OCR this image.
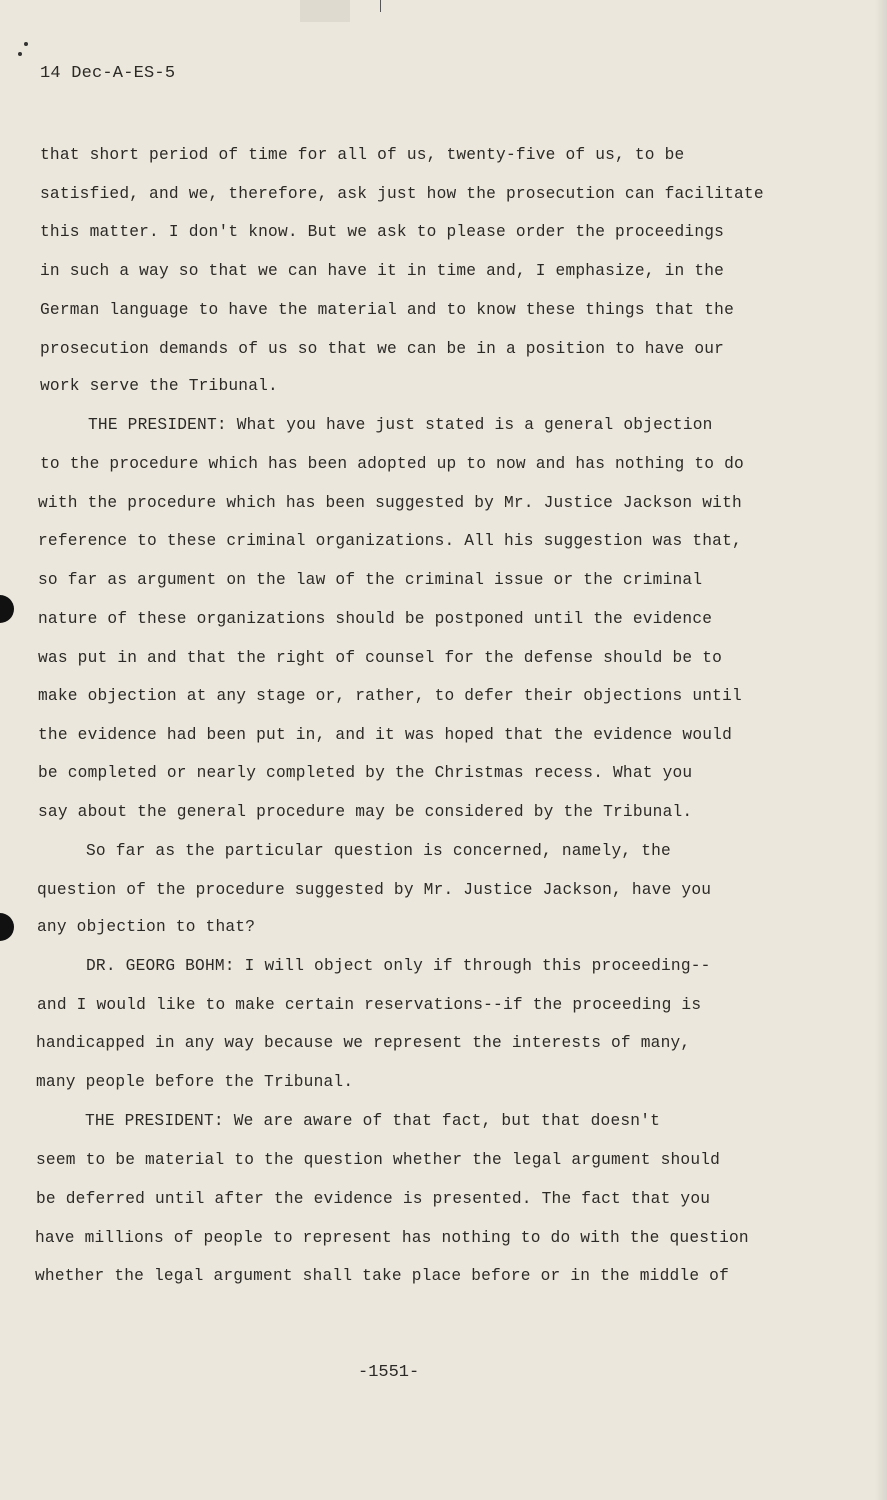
14 Dec-A-ES-5
that short period of time for all of us, twenty-five of us, to be
satisfied, and we, therefore, ask just how the prosecution can facilitate
this matter. I don't know. But we ask to please order the proceedings
in such a way so that we can have it in time and, I emphasize, in the
German language to have the material and to know these things that the
prosecution demands of us so that we can be in a position to have our
work serve the Tribunal.
THE PRESIDENT: What you have just stated is a general objection
to the procedure which has been adopted up to now and has nothing to do
with the procedure which has been suggested by Mr. Justice Jackson with
reference to these criminal organizations. All his suggestion was that,
so far as argument on the law of the criminal issue or the criminal
nature of these organizations should be postponed until the evidence
was put in and that the right of counsel for the defense should be to
make objection at any stage or, rather, to defer their objections until
the evidence had been put in, and it was hoped that the evidence would
be completed or nearly completed by the Christmas recess. What you
say about the general procedure may be considered by the Tribunal.
So far as the particular question is concerned, namely, the
question of the procedure suggested by Mr. Justice Jackson, have you
any objection to that?
DR. GEORG BOHM: I will object only if through this proceeding--
and I would like to make certain reservations--if the proceeding is
handicapped in any way because we represent the interests of many,
many people before the Tribunal.
THE PRESIDENT: We are aware of that fact, but that doesn't
seem to be material to the question whether the legal argument should
be deferred until after the evidence is presented. The fact that you
have millions of people to represent has nothing to do with the question
whether the legal argument shall take place before or in the middle of
-1551-
